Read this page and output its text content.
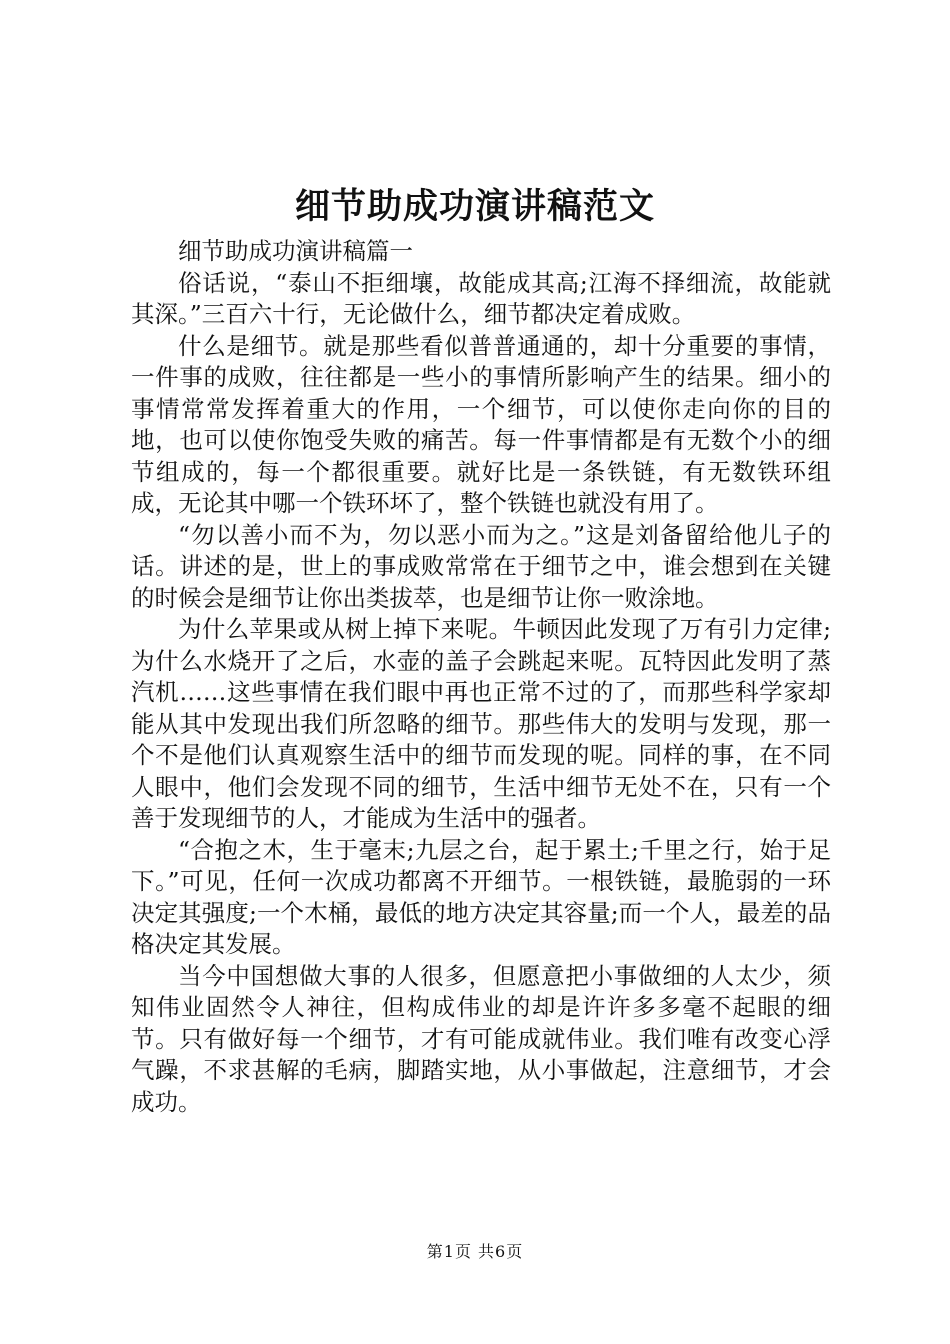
细节助成功演讲稿范文

细节助成功演讲稿篇一

俗话说，“泰山不拒细壤，故能成其高;江海不择细流，故能就其深。”三百六十行，无论做什么，细节都决定着成败。

什么是细节。就是那些看似普普通通的，却十分重要的事情，一件事的成败，往往都是一些小的事情所影响产生的结果。细小的事情常常发挥着重大的作用，一个细节，可以使你走向你的目的地，也可以使你饱受失败的痛苦。每一件事情都是有无数个小的细节组成的，每一个都很重要。就好比是一条铁链，有无数铁环组成，无论其中哪一个铁环坏了，整个铁链也就没有用了。

“勿以善小而不为，勿以恶小而为之。”这是刘备留给他儿子的话。讲述的是，世上的事成败常常在于细节之中，谁会想到在关键的时候会是细节让你出类拔萃，也是细节让你一败涂地。

为什么苹果或从树上掉下来呢。牛顿因此发现了万有引力定律;为什么水烧开了之后，水壶的盖子会跳起来呢。瓦特因此发明了蒸汽机……这些事情在我们眼中再也正常不过的了，而那些科学家却能从其中发现出我们所忽略的细节。那些伟大的发明与发现，那一个不是他们认真观察生活中的细节而发现的呢。同样的事，在不同人眼中，他们会发现不同的细节，生活中细节无处不在，只有一个善于发现细节的人，才能成为生活中的强者。

“合抱之木，生于毫末;九层之台，起于累土;千里之行，始于足下。”可见，任何一次成功都离不开细节。一根铁链，最脆弱的一环决定其强度;一个木桶，最低的地方决定其容量;而一个人，最差的品格决定其发展。

当今中国想做大事的人很多，但愿意把小事做细的人太少，须知伟业固然令人神往，但构成伟业的却是许许多多毫不起眼的细节。只有做好每一个细节，才有可能成就伟业。我们唯有改变心浮气躁，不求甚解的毛病，脚踏实地，从小事做起，注意细节，才会成功。

第1页 共6页
